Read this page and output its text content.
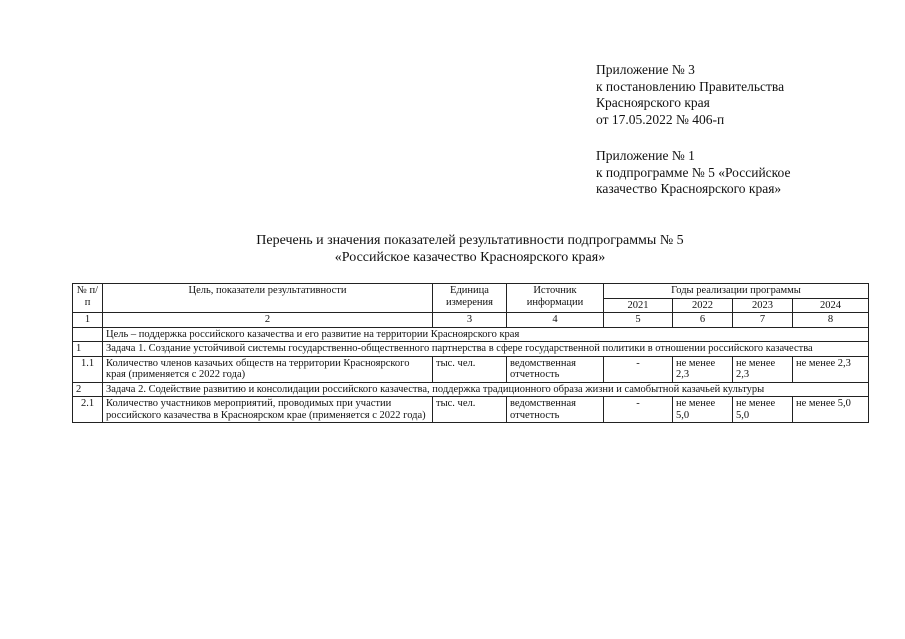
Приложение № 3
к постановлению Правительства
Красноярского края
от 17.05.2022 № 406-п
Приложение № 1
к подпрограмме № 5 «Российское
казачество Красноярского края»
Перечень и значения показателей результативности подпрограммы № 5
«Российское казачество Красноярского края»
№ п/п	Цель, показатели результативности	Единица измерения	Источник информации	Годы реализации программы			
				2021	2022	2023	2024
1	2	3	4	5	6	7	8
	Цель – поддержка российского казачества и его развитие на территории Красноярского края						
1	Задача 1. Создание устойчивой системы государственно-общественного партнерства в сфере государственной политики в отношении российского казачества						
1.1	Количество членов казачьих обществ на территории Красноярского края (применяется с 2022 года)	тыс. чел.	ведомственная отчетность	-	не менее 2,3	не менее 2,3	не менее 2,3
2	Задача 2. Содействие развитию и консолидации российского казачества, поддержка традиционного образа жизни и самобытной казачьей культуры						
2.1	Количество участников мероприятий, проводимых при участии российского казачества в Красноярском крае (применяется с 2022 года)	тыс. чел.	ведомственная отчетность	-	не менее 5,0	не менее 5,0	не менее 5,0
